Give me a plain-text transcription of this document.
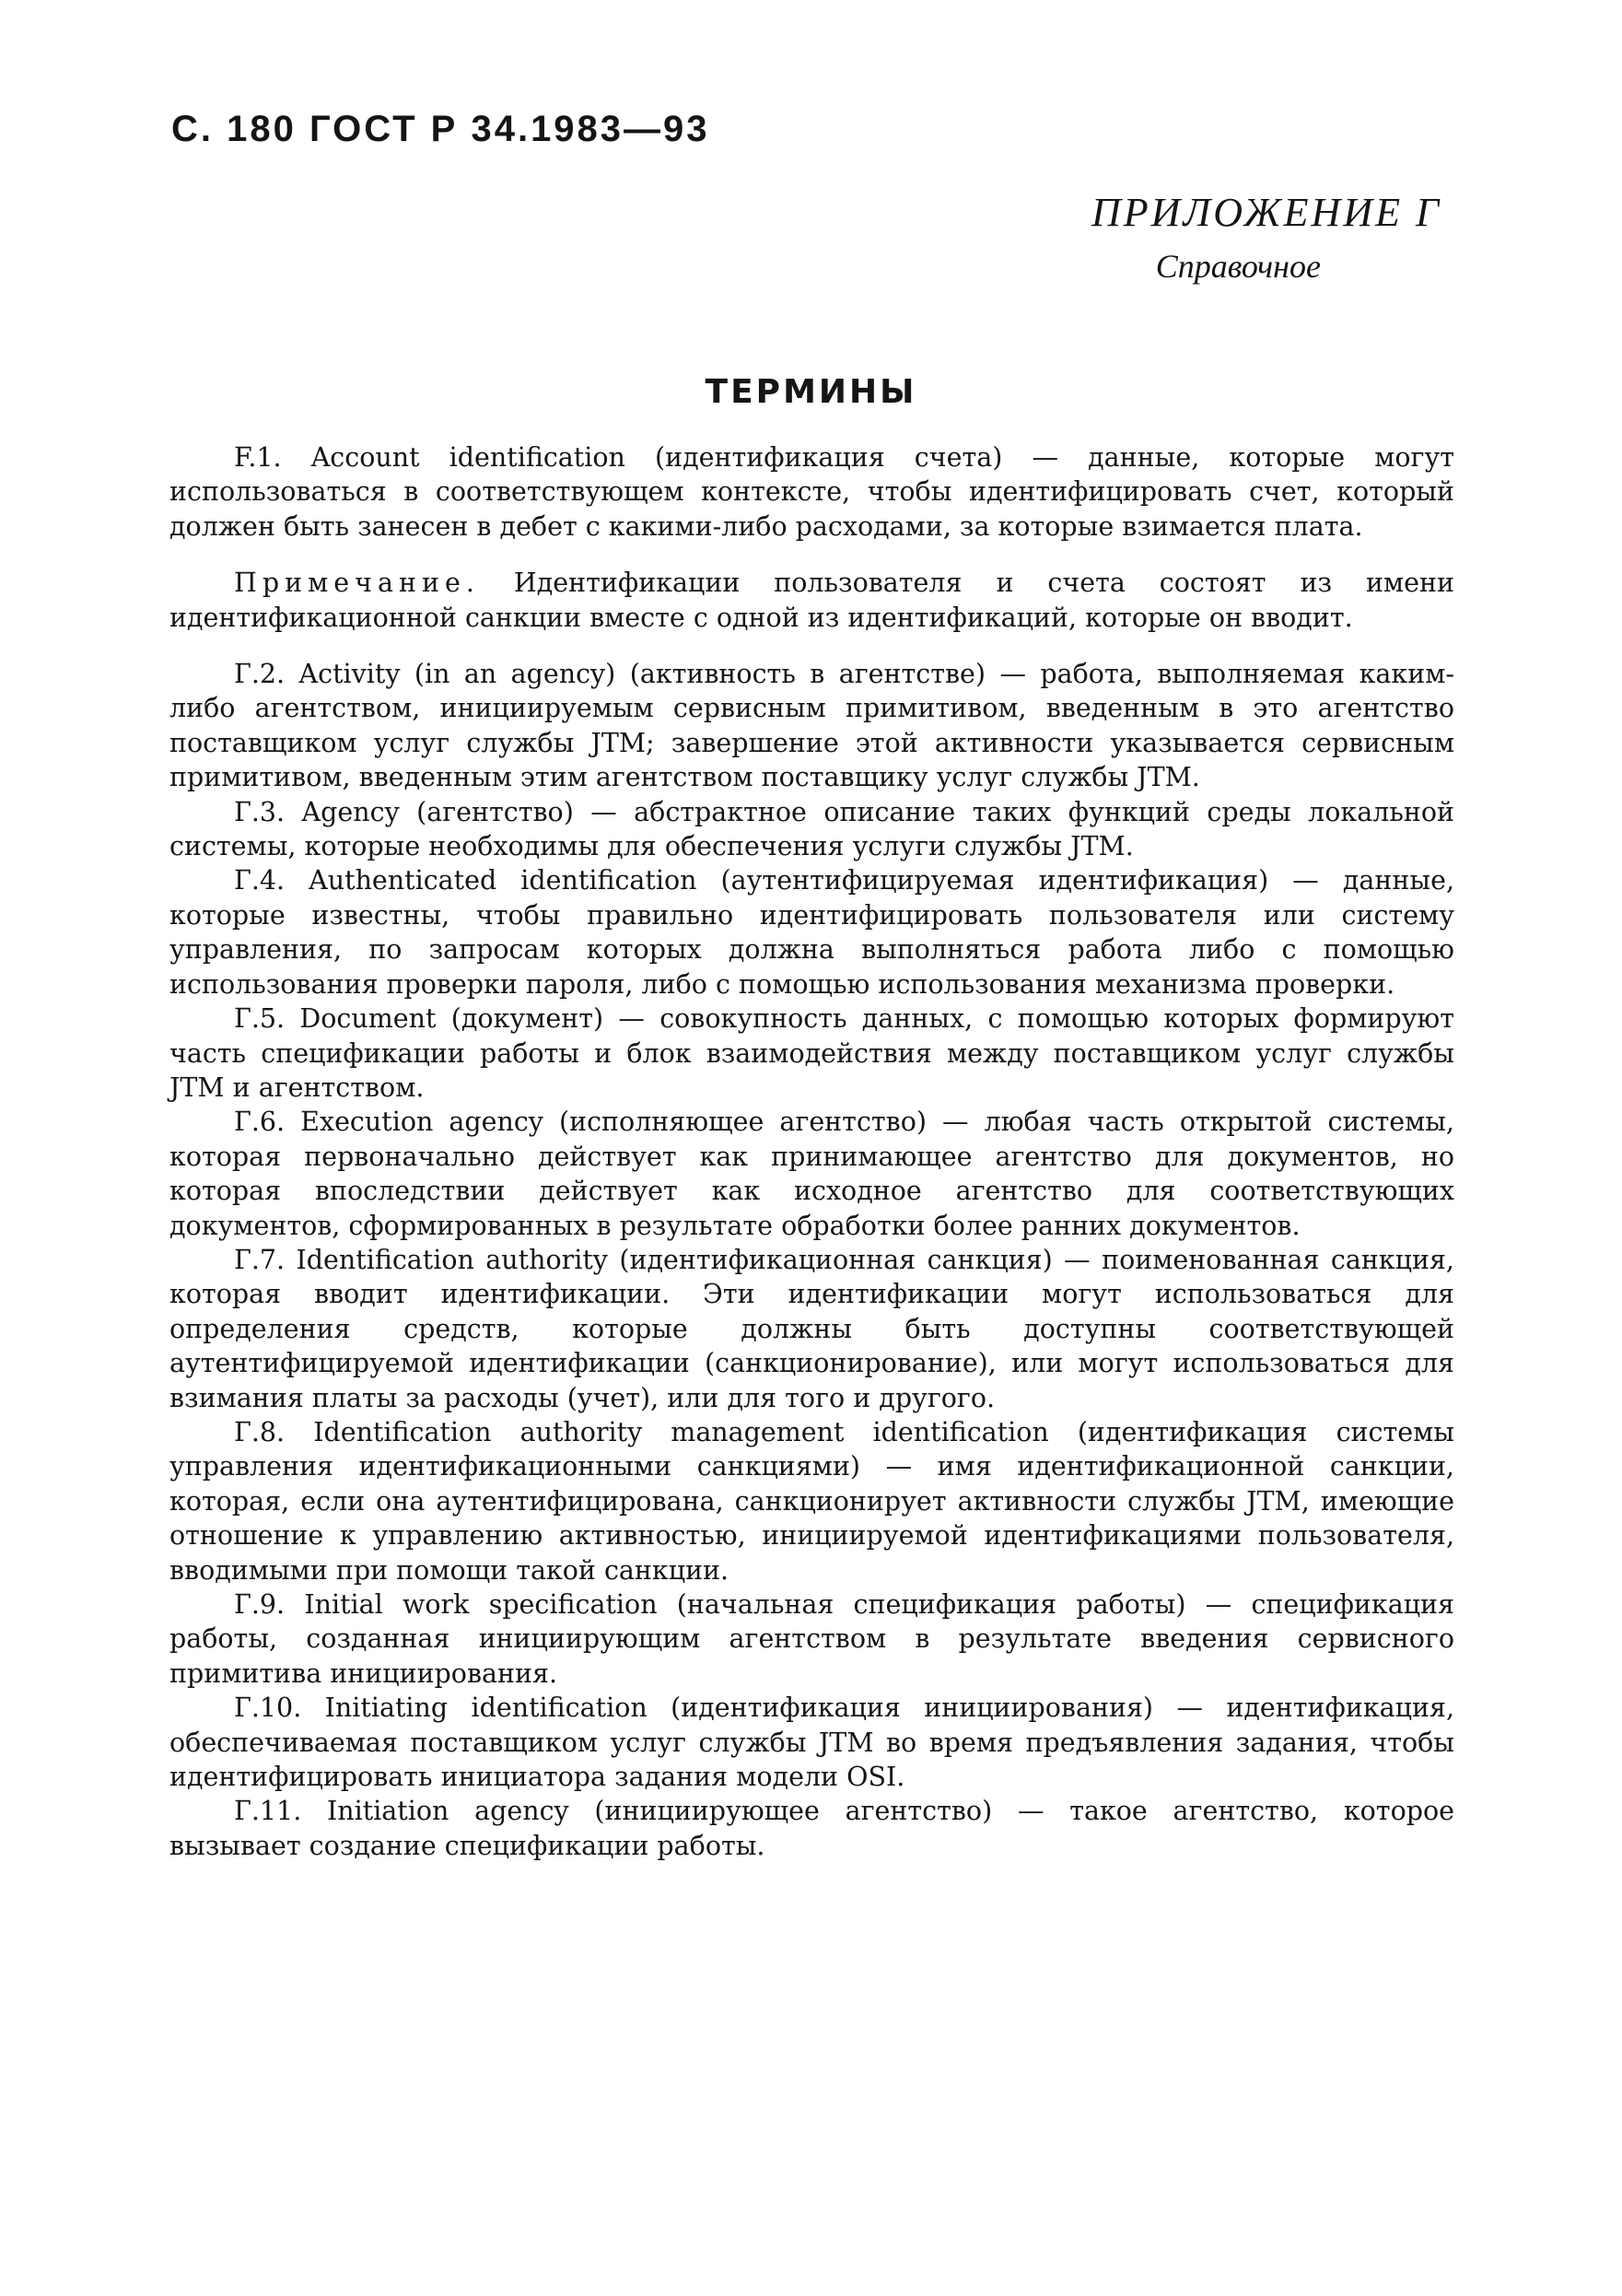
С. 180 ГОСТ Р 34.1983—93
ПРИЛОЖЕНИЕ Г
Справочное
ТЕРМИНЫ

F.1. Account identification (идентификация счета) — данные, которые могут использоваться в соответствующем контексте, чтобы идентифицировать счет, который должен быть занесен в дебет с какими-либо расходами, за которые взимается плата.

Примечание. Идентификации пользователя и счета состоят из имени идентификационной санкции вместе с одной из идентификаций, которые он вводит.

Г.2. Activity (in an agency) (активность в агентстве) — работа, выполняемая каким-либо агентством, инициируемым сервисным примитивом, введенным в это агентство поставщиком услуг службы JTM; завершение этой активности указывается сервисным примитивом, введенным этим агентством поставщику услуг службы JTM.

Г.3. Agency (агентство) — абстрактное описание таких функций среды локальной системы, которые необходимы для обеспечения услуги службы JTM.

Г.4. Authenticated identification (аутентифицируемая идентификация) — данные, которые известны, чтобы правильно идентифицировать пользователя или систему управления, по запросам которых должна выполняться работа либо с помощью использования проверки пароля, либо с помощью использования механизма проверки.

Г.5. Document (документ) — совокупность данных, с помощью которых формируют часть спецификации работы и блок взаимодействия между поставщиком услуг службы JTM и агентством.

Г.6. Execution agency (исполняющее агентство) — любая часть открытой системы, которая первоначально действует как принимающее агентство для документов, но которая впоследствии действует как исходное агентство для соответствующих документов, сформированных в результате обработки более ранних документов.

Г.7. Identification authority (идентификационная санкция) — поименованная санкция, которая вводит идентификации. Эти идентификации могут использоваться для определения средств, которые должны быть доступны соответствующей аутентифицируемой идентификации (санкционирование), или могут использоваться для взимания платы за расходы (учет), или для того и другого.

Г.8. Identification authority management identification (идентификация системы управления идентификационными санкциями) — имя идентификационной санкции, которая, если она аутентифицирована, санкционирует активности службы JTM, имеющие отношение к управлению активностью, инициируемой идентификациями пользователя, вводимыми при помощи такой санкции.

Г.9. Initial work specification (начальная спецификация работы) — спецификация работы, созданная инициирующим агентством в результате введения сервисного примитива инициирования.

Г.10. Initiating identification (идентификация инициирования) — идентификация, обеспечиваемая поставщиком услуг службы JTM во время предъявления задания, чтобы идентифицировать инициатора задания модели OSI.

Г.11. Initiation agency (инициирующее агентство) — такое агентство, которое вызывает создание спецификации работы.
